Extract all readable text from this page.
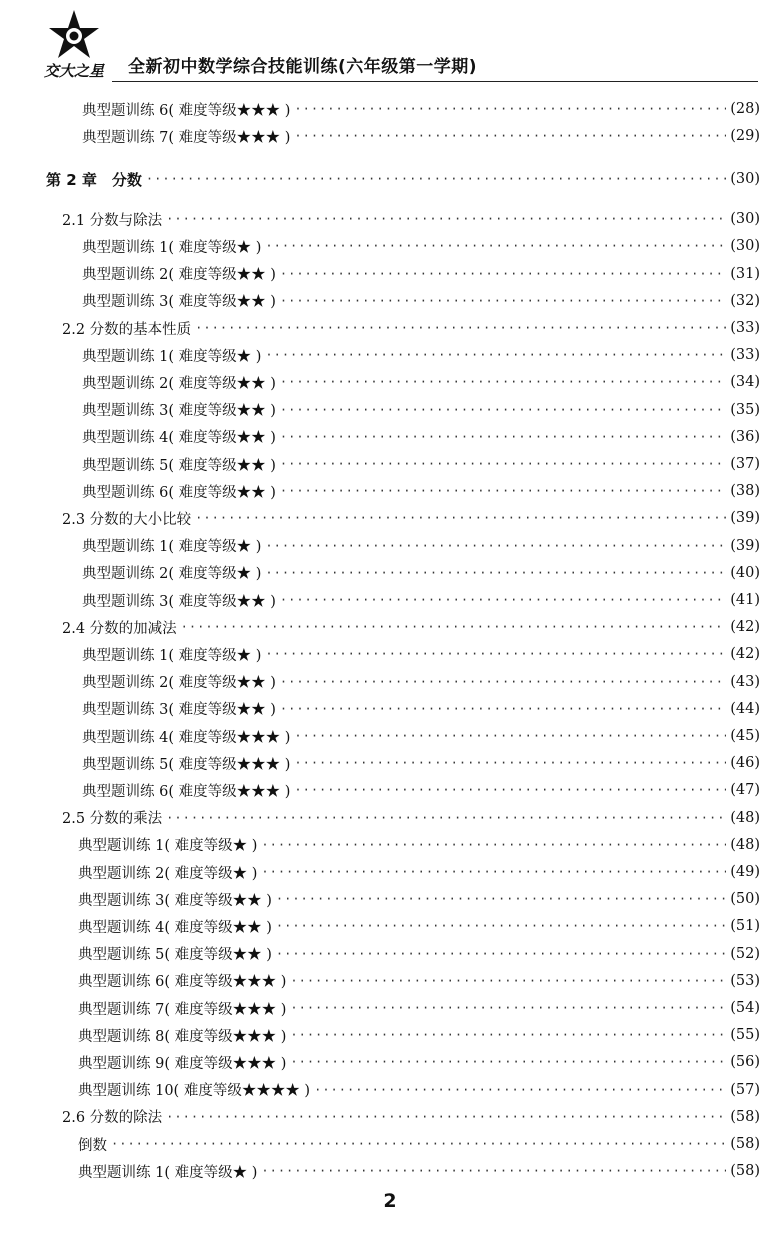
交大之星	全新初中数学综合技能训练(六年级第一学期)
典型题训练 6( 难度等级★★★ ) ·····	(28)
典型题训练 7( 难度等级★★★ ) ·····	(29)
第 2 章　分数 ·····	(30)
2.1 分数与除法 ·····	(30)
典型题训练 1( 难度等级★ ) ·····	(30)
典型题训练 2( 难度等级★★ ) ·····	(31)
典型题训练 3( 难度等级★★ ) ·····	(32)
2.2 分数的基本性质 ·····	(33)
典型题训练 1( 难度等级★ ) ·····	(33)
典型题训练 2( 难度等级★★ ) ·····	(34)
典型题训练 3( 难度等级★★ ) ·····	(35)
典型题训练 4( 难度等级★★ ) ·····	(36)
典型题训练 5( 难度等级★★ ) ·····	(37)
典型题训练 6( 难度等级★★ ) ·····	(38)
2.3 分数的大小比较 ·····	(39)
典型题训练 1( 难度等级★ ) ·····	(39)
典型题训练 2( 难度等级★ ) ·····	(40)
典型题训练 3( 难度等级★★ ) ·····	(41)
2.4 分数的加减法 ·····	(42)
典型题训练 1( 难度等级★ ) ·····	(42)
典型题训练 2( 难度等级★★ ) ·····	(43)
典型题训练 3( 难度等级★★ ) ·····	(44)
典型题训练 4( 难度等级★★★ ) ·····	(45)
典型题训练 5( 难度等级★★★ ) ·····	(46)
典型题训练 6( 难度等级★★★ ) ·····	(47)
2.5 分数的乘法 ·····	(48)
典型题训练 1( 难度等级★ ) ·····	(48)
典型题训练 2( 难度等级★ ) ·····	(49)
典型题训练 3( 难度等级★★ ) ·····	(50)
典型题训练 4( 难度等级★★ ) ·····	(51)
典型题训练 5( 难度等级★★ ) ·····	(52)
典型题训练 6( 难度等级★★★ ) ·····	(53)
典型题训练 7( 难度等级★★★ ) ·····	(54)
典型题训练 8( 难度等级★★★ ) ·····	(55)
典型题训练 9( 难度等级★★★ ) ·····	(56)
典型题训练 10( 难度等级★★★★ ) ·····	(57)
2.6 分数的除法 ·····	(58)
倒数 ·····	(58)
典型题训练 1( 难度等级★ ) ·····	(58)
2
